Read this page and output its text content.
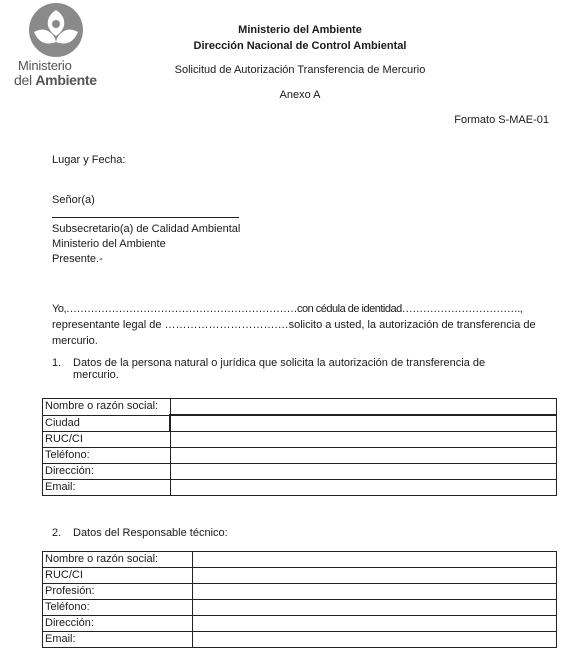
Ministerio
del Ambiente
Ministerio del Ambiente
Dirección Nacional de Control Ambiental
Solicitud de Autorización Transferencia de Mercurio
Anexo A
Formato S-MAE-01
Lugar y Fecha:
Señor(a)
Subsecretario(a) de Calidad Ambiental
Ministerio del Ambiente
Presente.-
Yo,…………………………………………………………con cédula de identidad…………………………….,
representante legal de ………………………….…solicito a usted, la autorización de transferencia de
mercurio.
1. Datos de la persona natural o jurídica que solicita la autorización de transferencia de
mercurio.
Nombre o razón social:	
Ciudad	
RUC/CI	
Teléfono:	
Dirección:	
Email:	
2. Datos del Responsable técnico:
Nombre o razón social:	
RUC/CI	
Profesión:	
Teléfono:	
Dirección:	
Email:	
